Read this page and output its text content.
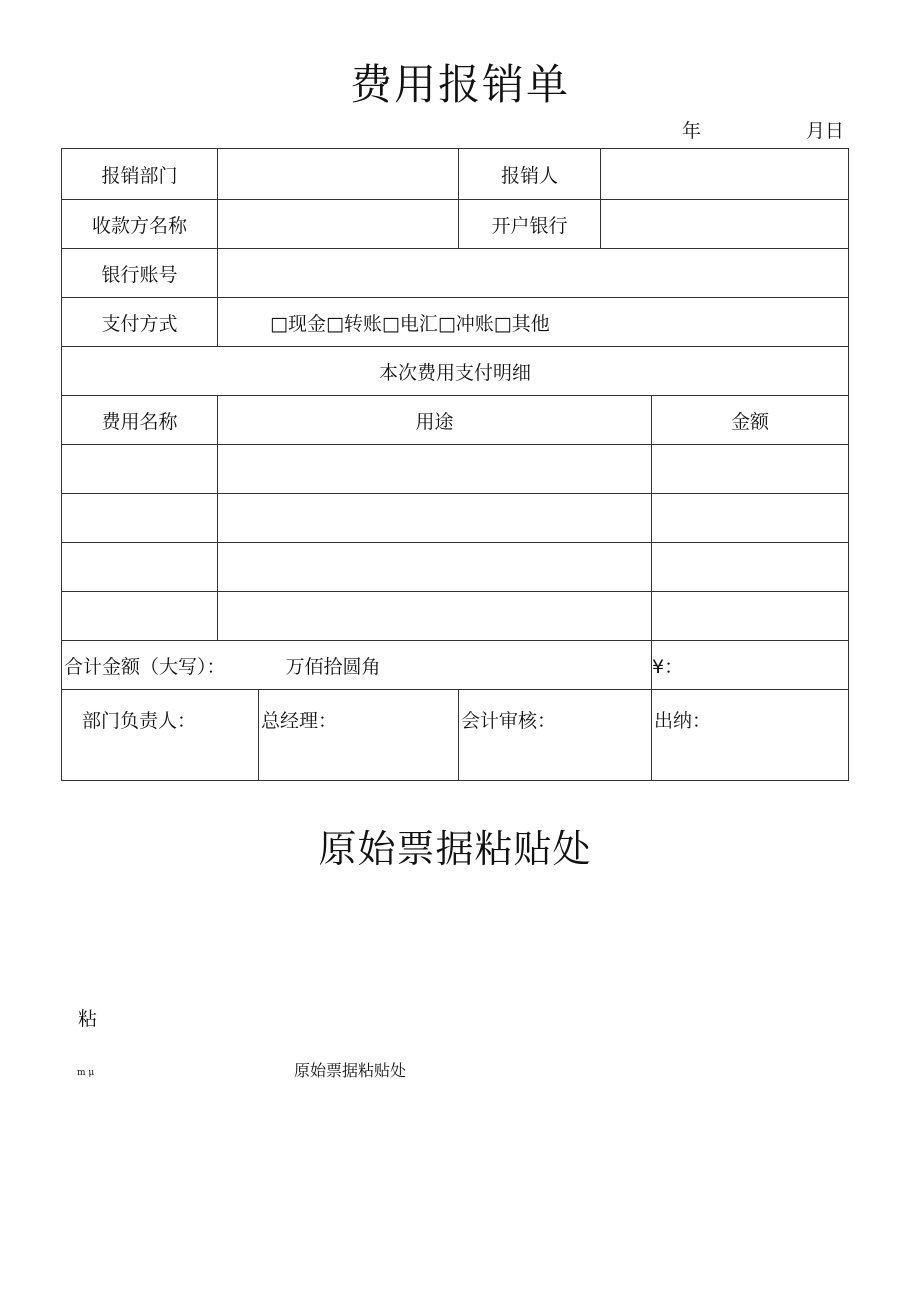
费用报销单
年	月日
报销部门	报销人
收款方名称	开户银行
银行账号
支付方式	□现金□转账□电汇□冲账□其他
本次费用支付明细
费用名称	用途	金额
合计金额（大写）：	万佰拾圆角	¥：
部门负责人：	总经理：	会计审核：	出纳：
原始票据粘贴处
粘
m μ	原始票据粘贴处
